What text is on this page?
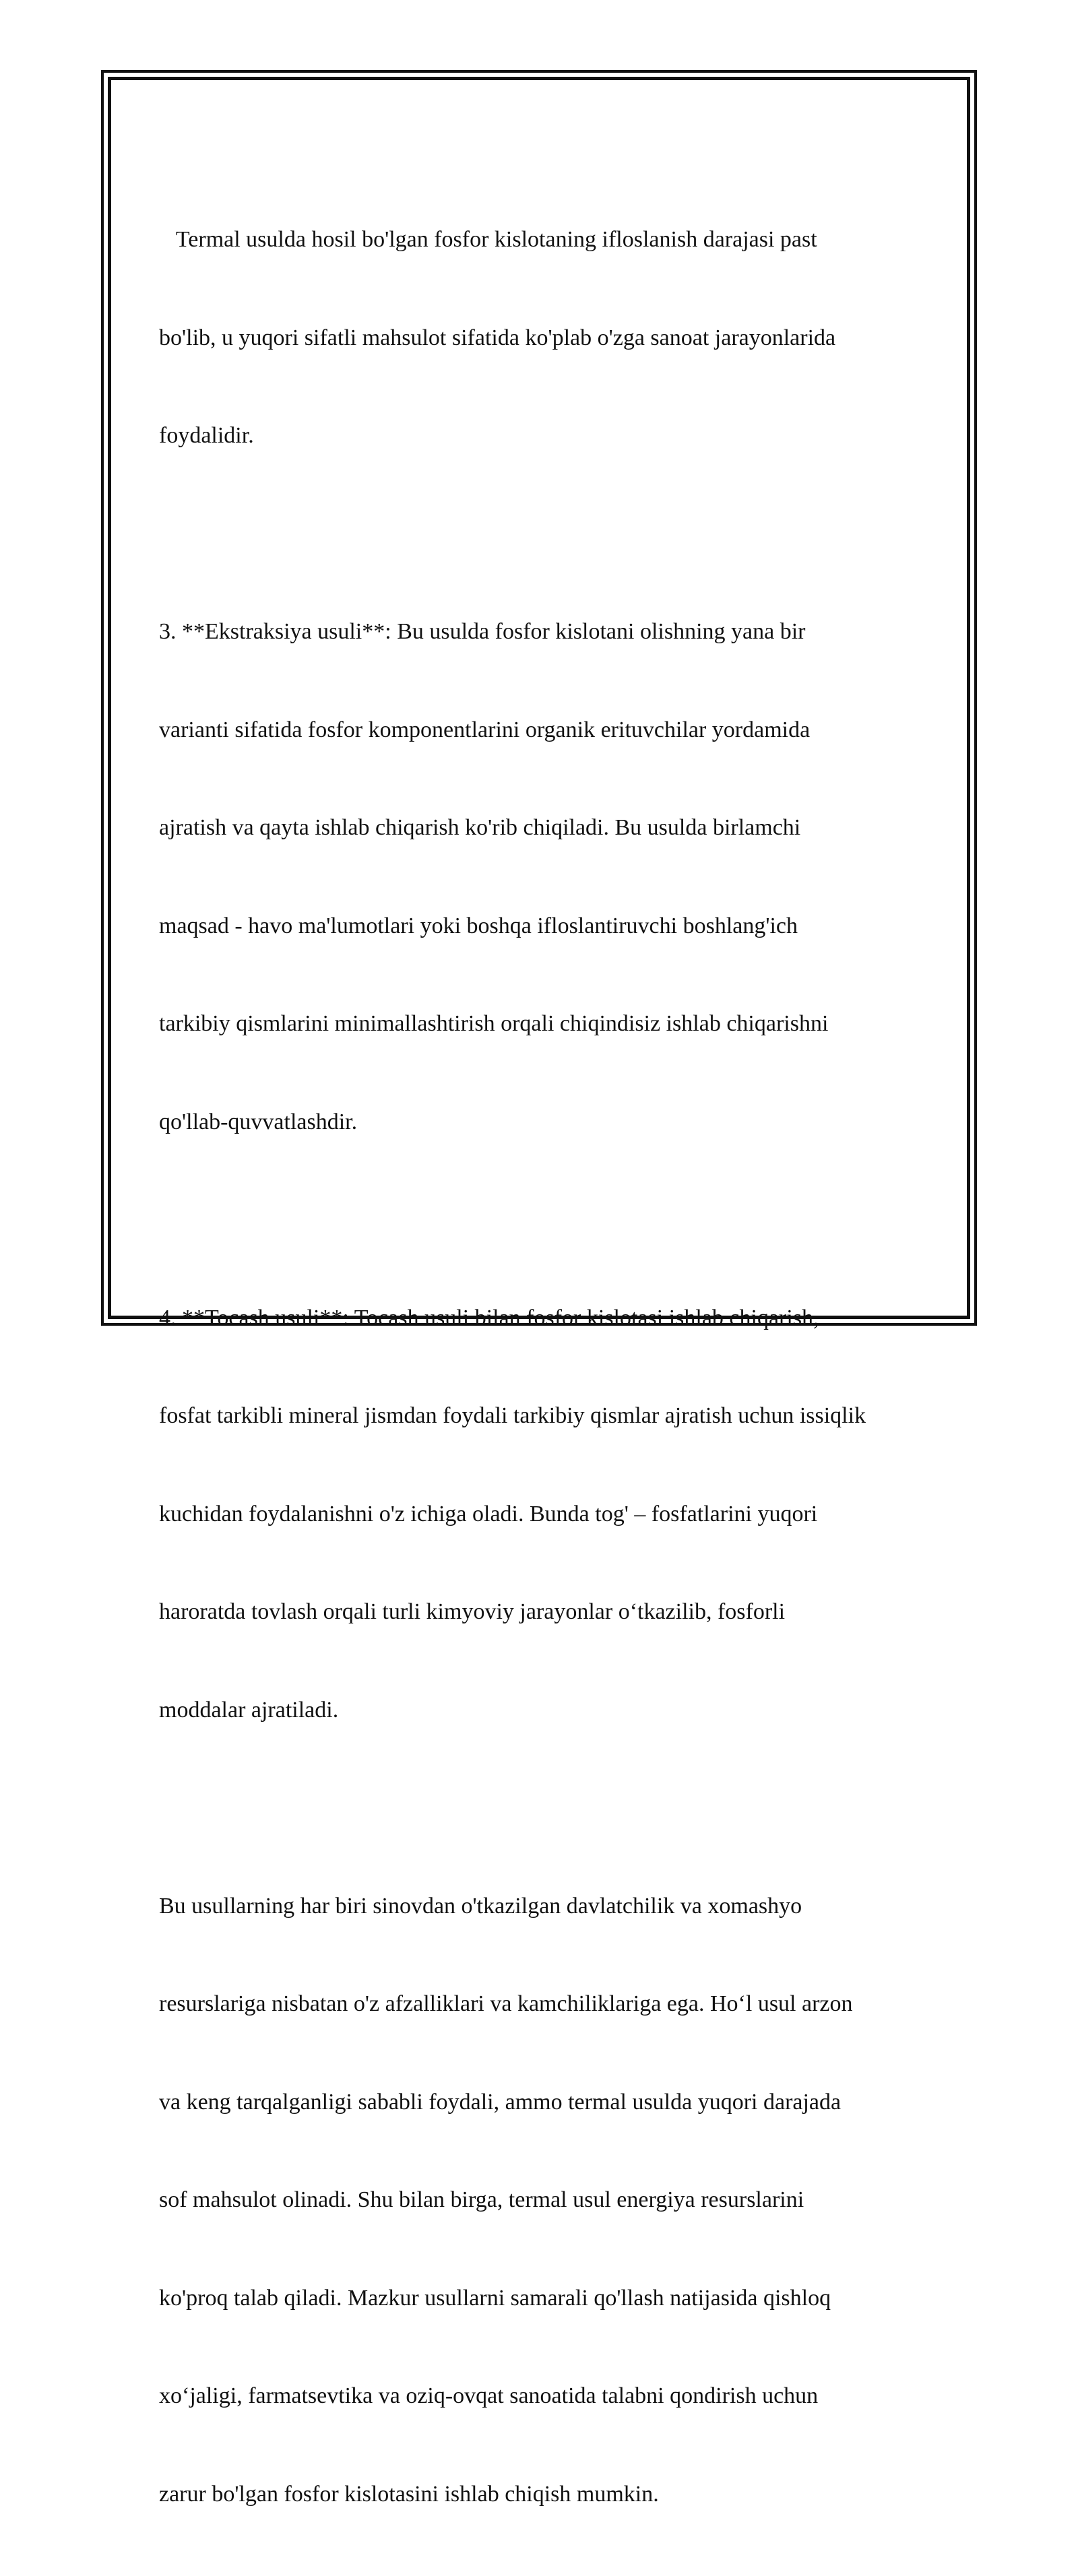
Termal usulda hosil bo'lgan fosfor kislotaning ifloslanish darajasi past

bo'lib, u yuqori sifatli mahsulot sifatida ko'plab o'zga sanoat jarayonlarida

foydalidir.

3. **Ekstraksiya usuli**: Bu usulda fosfor kislotani olishning yana bir

varianti sifatida fosfor komponentlarini organik erituvchilar yordamida

ajratish va qayta ishlab chiqarish ko'rib chiqiladi. Bu usulda birlamchi

maqsad - havo ma'lumotlari yoki boshqa ifloslantiruvchi boshlang'ich

tarkibiy qismlarini minimallashtirish orqali chiqindisiz ishlab chiqarishni

qo'llab-quvvatlashdir.

4. **Tocash usuli**: Tocash usuli bilan fosfor kislotasi ishlab chiqarish,

fosfat tarkibli mineral jismdan foydali tarkibiy qismlar ajratish uchun issiqlik

kuchidan foydalanishni o'z ichiga oladi. Bunda tog' – fosfatlarini yuqori

haroratda tovlash orqali turli kimyoviy jarayonlar o‘tkazilib, fosforli

moddalar ajratiladi.

Bu usullarning har biri sinovdan o'tkazilgan davlatchilik va xomashyo

resurslariga nisbatan o'z afzalliklari va kamchiliklariga ega. Ho‘l usul arzon

va keng tarqalganligi sababli foydali, ammo termal usulda yuqori darajada

sof mahsulot olinadi. Shu bilan birga, termal usul energiya resurslarini

ko'proq talab qiladi. Mazkur usullarni samarali qo'llash natijasida qishloq

xo‘jaligi, farmatsevtika va oziq-ovqat sanoatida talabni qondirish uchun

zarur bo'lgan fosfor kislotasini ishlab chiqish mumkin.
